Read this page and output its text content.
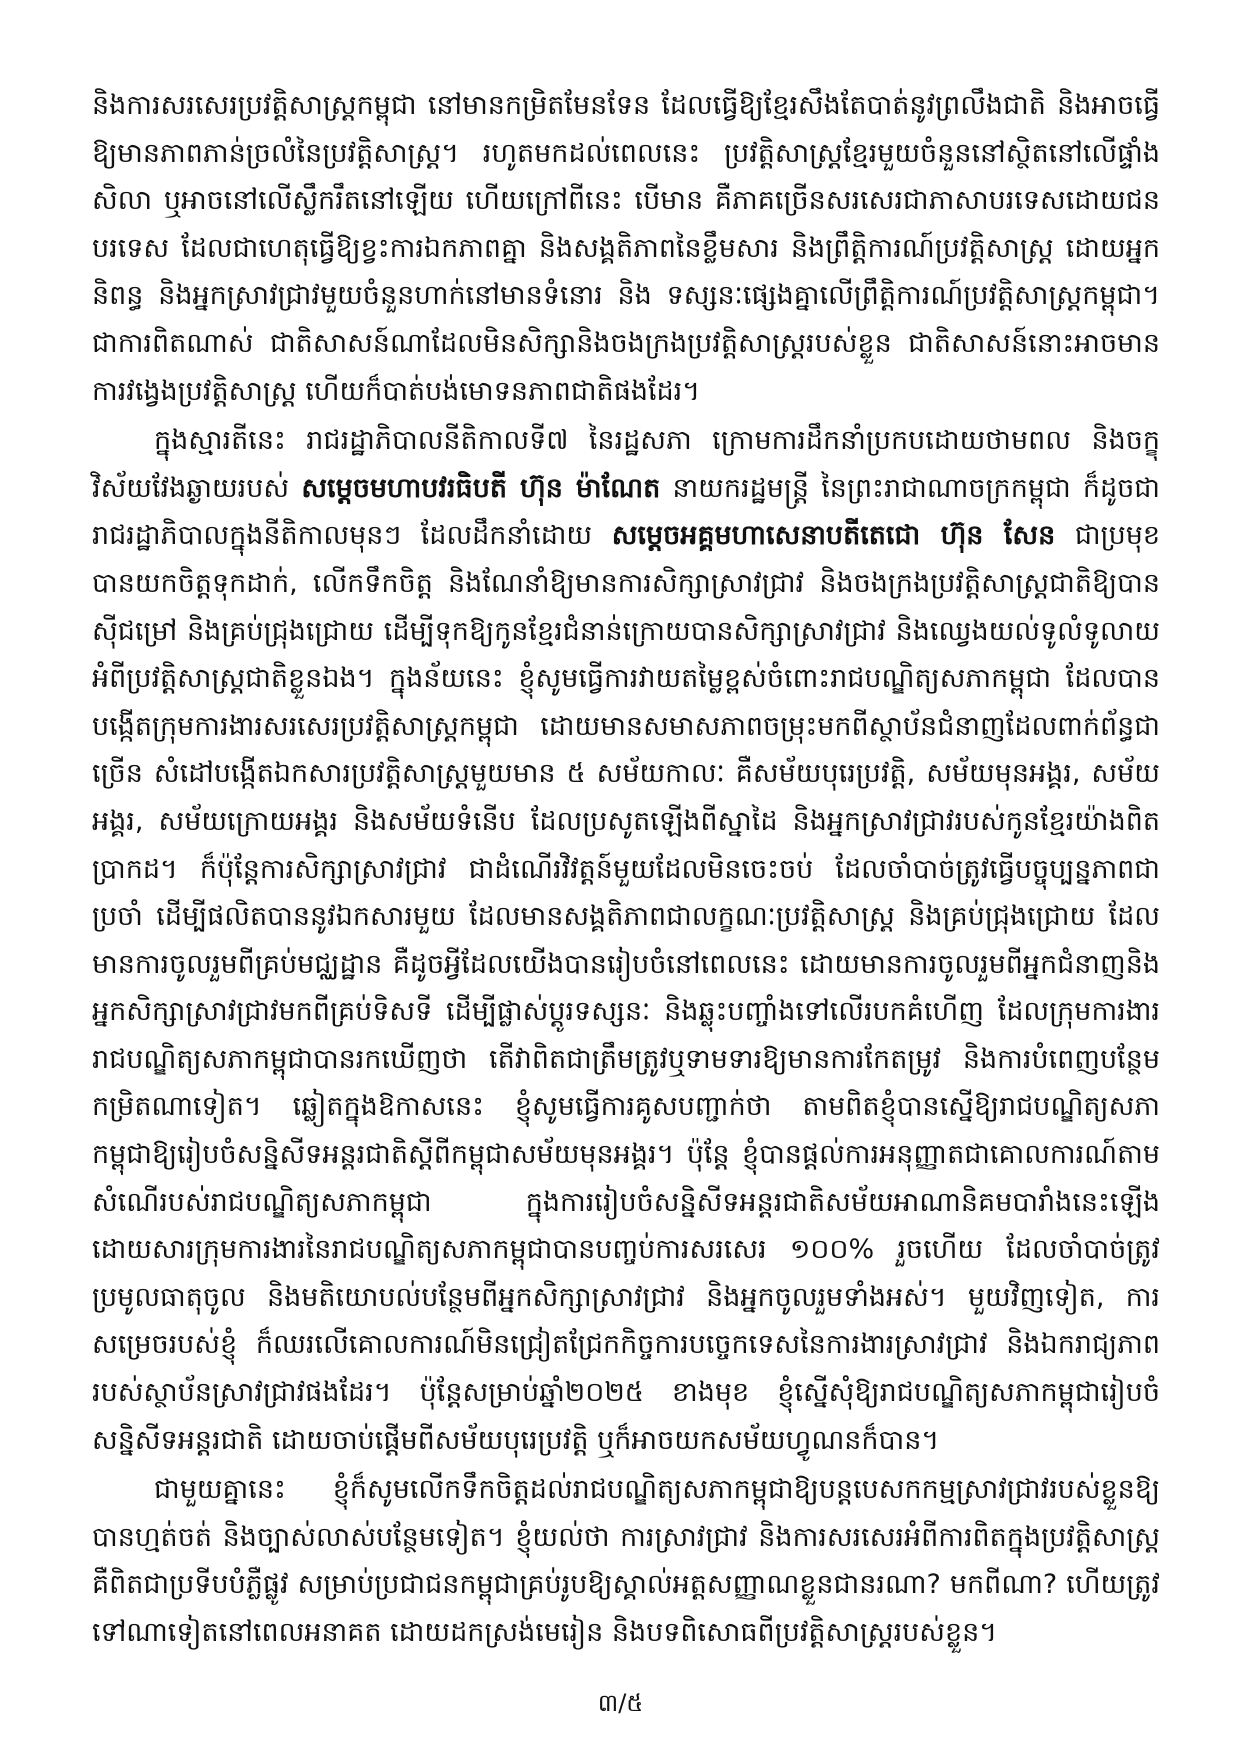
និងការសរសេរប្រវត្តិសាស្ត្រកម្ពុជា នៅមានកម្រិតមែនទែន ដែលធ្វើឱ្យខ្មែរសឹងតែបាត់នូវព្រលឹងជាតិ និងអាចធ្វើឱ្យមានភាពភាន់ច្រលំនៃប្រវត្តិសាស្ត្រ។ រហូតមកដល់ពេលនេះ ប្រវត្តិសាស្ត្រខ្មែរមួយចំនួននៅស្ថិតនៅលើផ្ទាំងសិលា ឬអាចនៅលើស្លឹករឹតនៅឡើយ ហើយក្រៅពីនេះ បើមាន គឺភាគច្រើនសរសេរជាភាសាបរទេសដោយជនបរទេស ដែលជាហេតុធ្វើឱ្យខ្វះការឯកភាពគ្នា និងសង្គតិភាពនៃខ្លឹមសារ និងព្រឹត្តិការណ៍ប្រវត្តិសាស្ត្រ ដោយអ្នកនិពន្ធ និងអ្នកស្រាវជ្រាវមួយចំនួនហាក់នៅមានទំនោរ និង ទស្សនៈផ្សេងគ្នាលើព្រឹត្តិការណ៍ប្រវត្តិសាស្ត្រកម្ពុជា។ ជាការពិតណាស់ ជាតិសាសន៍ណាដែលមិនសិក្សានិងចងក្រងប្រវត្តិសាស្ត្ររបស់ខ្លួន ជាតិសាសន៍នោះអាចមានការវង្វេងប្រវត្តិសាស្ត្រ ហើយក៏បាត់បង់មោទនភាពជាតិផងដែរ។

ក្នុងស្មារតីនេះ រាជរដ្ឋាភិបាលនីតិកាលទី៧ នៃរដ្ឋសភា ក្រោមការដឹកនាំប្រកបដោយថាមពល និងចក្ខុវិស័យវែងឆ្ងាយរបស់ សម្តេចមហាបវរធិបតី ហ៊ុន ម៉ាណែត នាយករដ្ឋមន្ត្រី នៃព្រះរាជាណាចក្រកម្ពុជា ក៏ដូចជារាជរដ្ឋាភិបាលក្នុងនីតិកាលមុនៗ ដែលដឹកនាំដោយ សម្តេចអគ្គមហាសេនាបតីតេជោ ហ៊ុន សែន ជាប្រមុខ បានយកចិត្តទុកដាក់, លើកទឹកចិត្ត និងណែនាំឱ្យមានការសិក្សាស្រាវជ្រាវ និងចងក្រងប្រវត្តិសាស្ត្រជាតិឱ្យបានស៊ីជម្រៅ និងគ្រប់ជ្រុងជ្រោយ ដើម្បីទុកឱ្យកូនខ្មែរជំនាន់ក្រោយបានសិក្សាស្រាវជ្រាវ និងឈ្វេងយល់ទូលំទូលាយអំពីប្រវត្តិសាស្ត្រជាតិខ្លួនឯង។ ក្នុងន័យនេះ ខ្ញុំសូមធ្វើការវាយតម្លៃខ្ពស់ចំពោះរាជបណ្ឌិត្យសភាកម្ពុជា ដែលបានបង្កើតក្រុមការងារសរសេរប្រវត្តិសាស្ត្រកម្ពុជា ដោយមានសមាសភាពចម្រុះមកពីស្ថាប័នជំនាញដែលពាក់ព័ន្ធជាច្រើន សំដៅបង្កើតឯកសារប្រវត្តិសាស្ត្រមួយមាន ៥ សម័យកាលៈ គឺសម័យបុរេប្រវត្តិ, សម័យមុនអង្គរ, សម័យអង្គរ, សម័យក្រោយអង្គរ និងសម័យទំនើប ដែលប្រសូតឡើងពីស្នាដៃ និងអ្នកស្រាវជ្រាវរបស់កូនខ្មែរយ៉ាងពិតប្រាកដ។ ក៏ប៉ុន្តែការសិក្សាស្រាវជ្រាវ ជាដំណើរវិវត្តន៍មួយដែលមិនចេះចប់ ដែលចាំបាច់ត្រូវធ្វើបច្ចុប្បន្នភាពជាប្រចាំ ដើម្បីផលិតបាននូវឯកសារមួយ ដែលមានសង្គតិភាពជាលក្ខណៈប្រវត្តិសាស្ត្រ និងគ្រប់ជ្រុងជ្រោយ ដែលមានការចូលរួមពីគ្រប់មជ្ឈដ្ឋាន គឺដូចអ្វីដែលយើងបានរៀបចំនៅពេលនេះ ដោយមានការចូលរួមពីអ្នកជំនាញនិងអ្នកសិក្សាស្រាវជ្រាវមកពីគ្រប់ទិសទី ដើម្បីផ្លាស់ប្តូរទស្សនៈ និងឆ្លុះបញ្ចាំងទៅលើរបកគំហើញ ដែលក្រុមការងាររាជបណ្ឌិត្យសភាកម្ពុជាបានរកឃើញថា តើវាពិតជាត្រឹមត្រូវឬទាមទារឱ្យមានការកែតម្រូវ និងការបំពេញបន្ថែមកម្រិតណាទៀត។ ឆ្លៀតក្នុងឱកាសនេះ ខ្ញុំសូមធ្វើការគូសបញ្ជាក់ថា តាមពិតខ្ញុំបានស្នើឱ្យរាជបណ្ឌិត្យសភាកម្ពុជាឱ្យរៀបចំសន្និសីទអន្តរជាតិស្តីពីកម្ពុជាសម័យមុនអង្គរ។ ប៉ុន្តែ ខ្ញុំបានផ្តល់ការអនុញ្ញាតជាគោលការណ៍តាមសំណើរបស់រាជបណ្ឌិត្យសភាកម្ពុជា ក្នុងការរៀបចំសន្និសីទអន្តរជាតិសម័យអាណានិគមបារាំងនេះឡើង ដោយសារក្រុមការងារនៃរាជបណ្ឌិត្យសភាកម្ពុជាបានបញ្ចប់ការសរសេរ ១០០% រួចហើយ ដែលចាំបាច់ត្រូវប្រមូលធាតុចូល និងមតិយោបល់បន្ថែមពីអ្នកសិក្សាស្រាវជ្រាវ និងអ្នកចូលរួមទាំងអស់។ មួយវិញទៀត, ការសម្រេចរបស់ខ្ញុំ ក៏ឈរលើគោលការណ៍មិនជ្រៀតជ្រែកកិច្ចការបច្ចេកទេសនៃការងារស្រាវជ្រាវ និងឯករាជ្យភាពរបស់ស្ថាប័នស្រាវជ្រាវផងដែរ។ ប៉ុន្តែសម្រាប់ឆ្នាំ២០២៥ ខាងមុខ ខ្ញុំស្នើសុំឱ្យរាជបណ្ឌិត្យសភាកម្ពុជារៀបចំសន្និសីទអន្តរជាតិ ដោយចាប់ផ្តើមពីសម័យបុរេប្រវត្តិ ឬក៏អាចយកសម័យហ្វូណនក៏បាន។

ជាមួយគ្នានេះ ខ្ញុំក៏សូមលើកទឹកចិត្តដល់រាជបណ្ឌិត្យសភាកម្ពុជាឱ្យបន្តបេសកកម្មស្រាវជ្រាវរបស់ខ្លួនឱ្យបានហ្មត់ចត់ និងច្បាស់លាស់បន្ថែមទៀត។ ខ្ញុំយល់ថា ការស្រាវជ្រាវ និងការសរសេរអំពីការពិតក្នុងប្រវត្តិសាស្ត្រ គឺពិតជាប្រទីបបំភ្លឺផ្លូវ សម្រាប់ប្រជាជនកម្ពុជាគ្រប់រូបឱ្យស្គាល់អត្តសញ្ញាណខ្លួនជានរណា? មកពីណា? ហើយត្រូវទៅណាទៀតនៅពេលអនាគត ដោយដកស្រង់មេរៀន និងបទពិសោធពីប្រវត្តិសាស្ត្ររបស់ខ្លួន។

៣/៥
